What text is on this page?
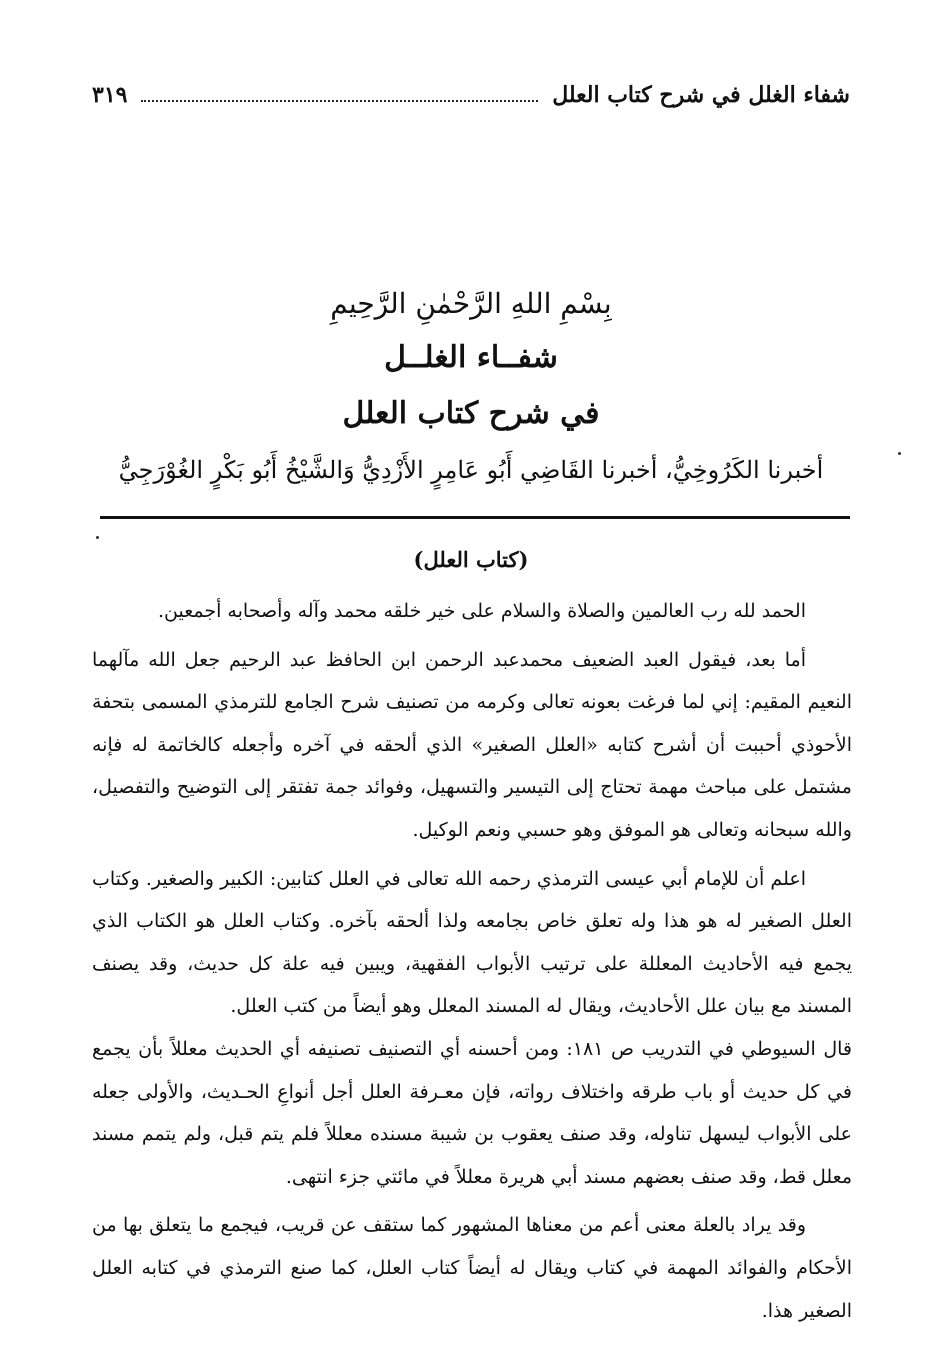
شفاء الغلل في شرح كتاب العلل
٣١٩
بِسْمِ اللهِ الرَّحْمٰنِ الرَّحِيمِ
شفــاء الغلــل
في شرح كتاب العلل
أخبرنا الكَرُوخِيُّ، أخبرنا القَاضِي أَبُو عَامِرٍ الأَزْدِيُّ وَالشَّيْخُ أَبُو بَكْرٍ الغُوْرَجِيُّ
(كتاب العلل)

الحمد لله رب العالمين والصلاة والسلام على خير خلقه محمد وآله وأصحابه أجمعين.

أما بعد، فيقول العبد الضعيف محمدعبد الرحمن ابن الحافظ عبد الرحيم جعل الله مآلهما النعيم المقيم: إني لما فرغت بعونه تعالى وكرمه من تصنيف شرح الجامع للترمذي المسمى بتحفة الأحوذي أحببت أن أشرح كتابه «العلل الصغير» الذي ألحقه في آخره وأجعله كالخاتمة له فإنه مشتمل على مباحث مهمة تحتاج إلى التيسير والتسهيل، وفوائد جمة تفتقر إلى التوضيح والتفصيل، والله سبحانه وتعالى هو الموفق وهو حسبي ونعم الوكيل.

اعلم أن للإمام أبي عيسى الترمذي رحمه الله تعالى في العلل كتابين: الكبير والصغير. وكتاب العلل الصغير له هو هذا وله تعلق خاص بجامعه ولذا ألحقه بآخره. وكتاب العلل هو الكتاب الذي يجمع فيه الأحاديث المعللة على ترتيب الأبواب الفقهية، ويبين فيه علة كل حديث، وقد يصنف المسند مع بيان علل الأحاديث، ويقال له المسند المعلل وهو أيضاً من كتب العلل.

قال السيوطي في التدريب ص ١٨١: ومن أحسنه أي التصنيف تصنيفه أي الحديث معللاً بأن يجمع في كل حديث أو باب طرقه واختلاف رواته، فإن معـرفة العلل أجل أنواعِ الحـديث، والأولى جعله على الأبواب ليسهل تناوله، وقد صنف يعقوب بن شيبة مسنده معللاً فلم يتم قبل، ولم يتمم مسند معلل قط، وقد صنف بعضهم مسند أبي هريرة معللاً في مائتي جزء انتهى.

وقد يراد بالعلة معنى أعم من معناها المشهور كما ستقف عن قريب، فيجمع ما يتعلق بها من الأحكام والفوائد المهمة في كتاب ويقال له أيضاً كتاب العلل، كما صنع الترمذي في كتابه العلل الصغير هذا.
